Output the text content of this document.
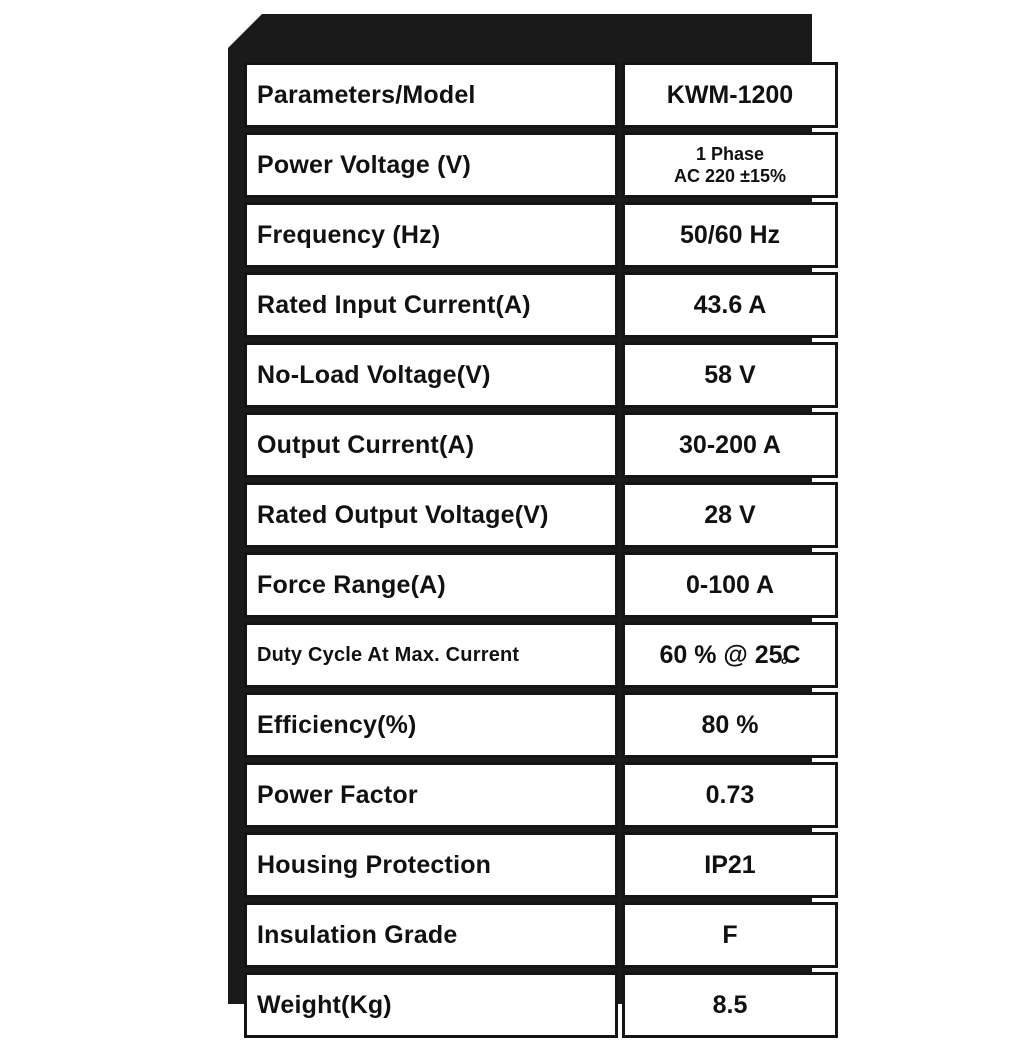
Parameters/Model	KWM-1200
Power Voltage (V)	1 Phase
AC 220 ±15%

Frequency (Hz)	50/60 Hz
Rated Input Current(A)	43.6 A
No-Load Voltage(V)	58 V
Output Current(A)	30-200 A
Rated Output Voltage(V)	28 V
Force Range(A)	0-100 A
Duty Cycle At Max. Current	60 % @ 25C
Efficiency(%)	80 %
Power Factor	0.73
Housing Protection	IP21
Insulation Grade	F
Weight(Kg)	8.5
